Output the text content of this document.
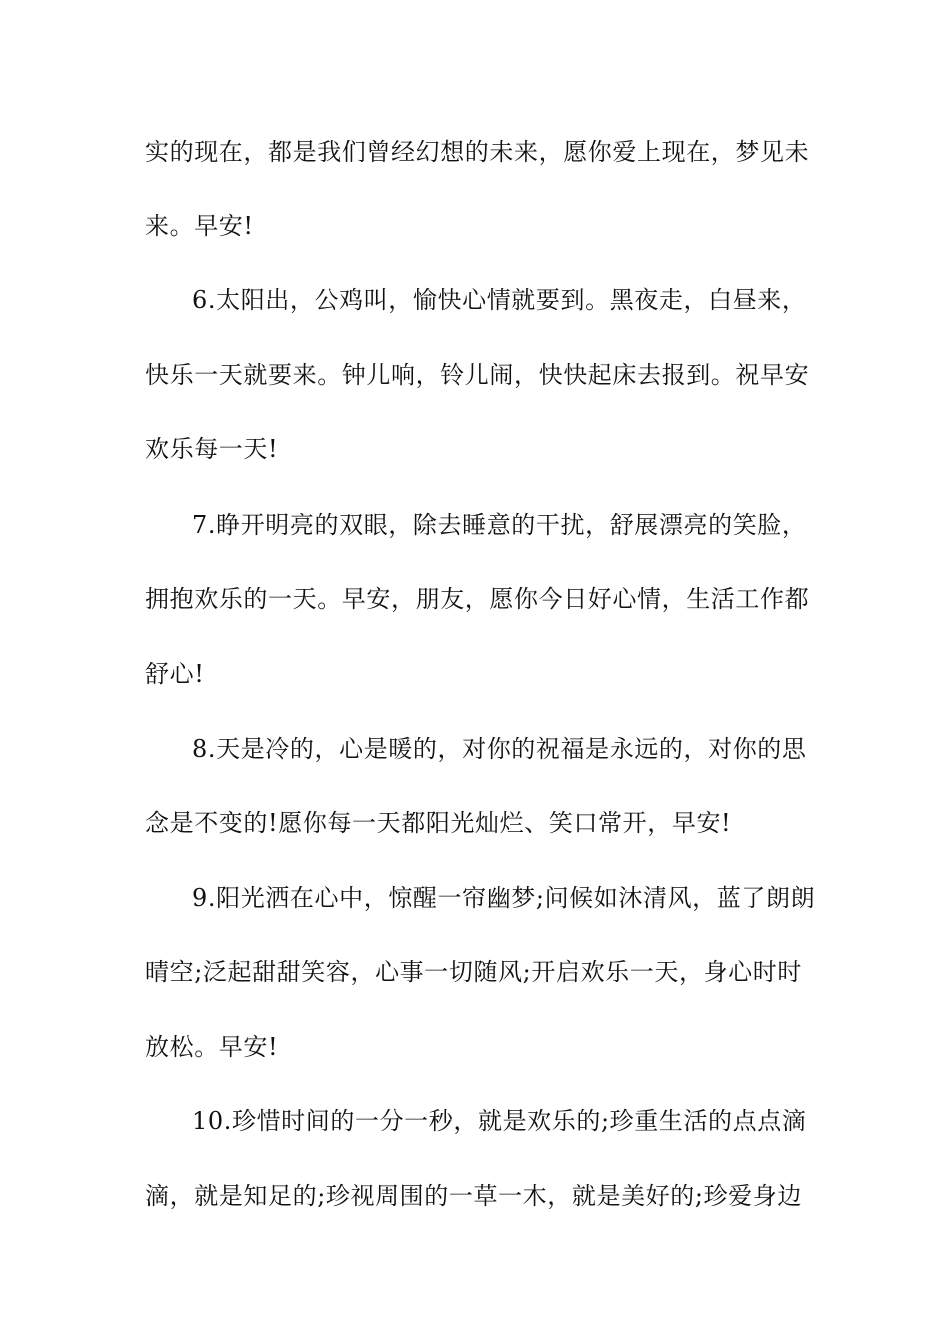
实的现在，都是我们曾经幻想的未来，愿你爱上现在，梦见未
来。早安!
6.太阳出，公鸡叫，愉快心情就要到。黑夜走，白昼来，
快乐一天就要来。钟儿响，铃儿闹，快快起床去报到。祝早安
欢乐每一天!
7.睁开明亮的双眼，除去睡意的干扰，舒展漂亮的笑脸，
拥抱欢乐的一天。早安，朋友，愿你今日好心情，生活工作都
舒心!
8.天是冷的，心是暖的，对你的祝福是永远的，对你的思
念是不变的!愿你每一天都阳光灿烂、笑口常开，早安!
9.阳光洒在心中，惊醒一帘幽梦;问候如沐清风，蓝了朗朗
晴空;泛起甜甜笑容，心事一切随风;开启欢乐一天，身心时时
放松。早安!
10.珍惜时间的一分一秒，就是欢乐的;珍重生活的点点滴
滴，就是知足的;珍视周围的一草一木，就是美好的;珍爱身边
